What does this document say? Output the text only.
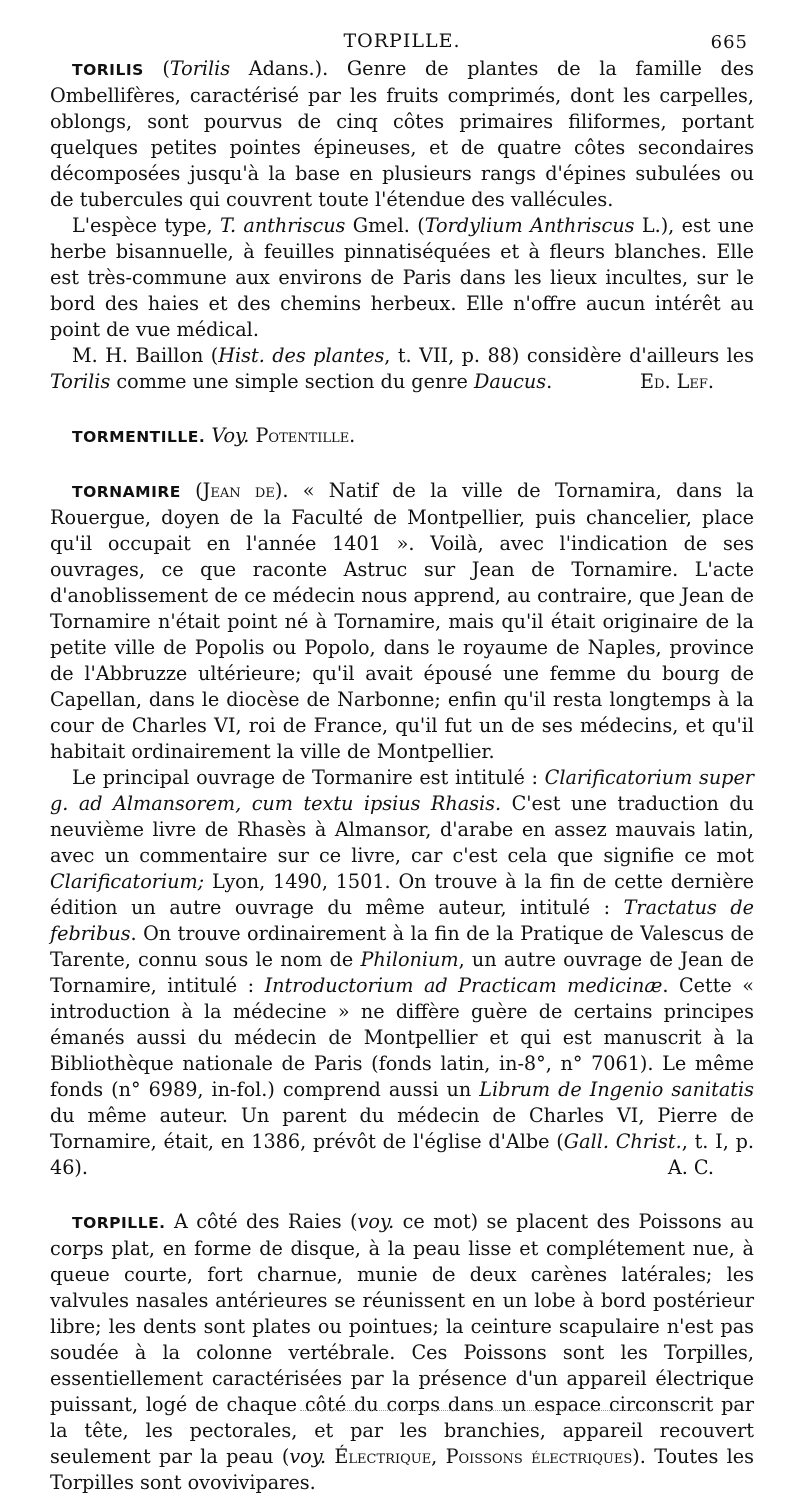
TORPILLE.	665

TORILIS (Torilis Adans.). Genre de plantes de la famille des Ombellifères, caractérisé par les fruits comprimés, dont les carpelles, oblongs, sont pourvus de cinq côtes primaires filiformes, portant quelques petites pointes épineuses, et de quatre côtes secondaires décomposées jusqu'à la base en plusieurs rangs d'épines subulées ou de tubercules qui couvrent toute l'étendue des vallécules.

L'espèce type, T. anthriscus Gmel. (Tordylium Anthriscus L.), est une herbe bisannuelle, à feuilles pinnatiséquées et à fleurs blanches. Elle est très-commune aux environs de Paris dans les lieux incultes, sur le bord des haies et des chemins herbeux. Elle n'offre aucun intérêt au point de vue médical.

M. H. Baillon (Hist. des plantes, t. VII, p. 88) considère d'ailleurs les Torilis comme une simple section du genre Daucus.	Ed. Lef.

TORMENTILLE. Voy. Potentille.

TORNAMIRE (Jean de). « Natif de la ville de Tornamira, dans la Rouergue, doyen de la Faculté de Montpellier, puis chancelier, place qu'il occupait en l'année 1401 ». Voilà, avec l'indication de ses ouvrages, ce que raconte Astruc sur Jean de Tornamire. L'acte d'anoblissement de ce médecin nous apprend, au contraire, que Jean de Tornamire n'était point né à Tornamire, mais qu'il était originaire de la petite ville de Popolis ou Popolo, dans le royaume de Naples, province de l'Abbruzze ultérieure; qu'il avait épousé une femme du bourg de Capellan, dans le diocèse de Narbonne; enfin qu'il resta longtemps à la cour de Charles VI, roi de France, qu'il fut un de ses médecins, et qu'il habitait ordinairement la ville de Montpellier.

Le principal ouvrage de Tormanire est intitulé : Clarificatorium super g. ad Almansorem, cum textu ipsius Rhasis. C'est une traduction du neuvième livre de Rhasès à Almansor, d'arabe en assez mauvais latin, avec un commentaire sur ce livre, car c'est cela que signifie ce mot Clarificatorium; Lyon, 1490, 1501. On trouve à la fin de cette dernière édition un autre ouvrage du même auteur, intitulé : Tractatus de febribus. On trouve ordinairement à la fin de la Pratique de Valescus de Tarente, connu sous le nom de Philonium, un autre ouvrage de Jean de Tornamire, intitulé : Introductorium ad Practicam medicinæ. Cette « introduction à la médecine » ne diffère guère de certains principes émanés aussi du médecin de Montpellier et qui est manuscrit à la Bibliothèque nationale de Paris (fonds latin, in-8°, n° 7061). Le même fonds (n° 6989, in-fol.) comprend aussi un Librum de Ingenio sanitatis du même auteur. Un parent du médecin de Charles VI, Pierre de Tornamire, était, en 1386, prévôt de l'église d'Albe (Gall. Christ., t. I, p. 46).	A. C.

TORPILLE. A côté des Raies (voy. ce mot) se placent des Poissons au corps plat, en forme de disque, à la peau lisse et complétement nue, à queue courte, fort charnue, munie de deux carènes latérales; les valvules nasales antérieures se réunissent en un lobe à bord postérieur libre; les dents sont plates ou pointues; la ceinture scapulaire n'est pas soudée à la colonne vertébrale. Ces Poissons sont les Torpilles, essentiellement caractérisées par la présence d'un appareil électrique puissant, logé de chaque côté du corps dans un espace circonscrit par la tête, les pectorales, et par les branchies, appareil recouvert seulement par la peau (voy. Électrique, Poissons électriques). Toutes les Torpilles sont ovovivipares.
